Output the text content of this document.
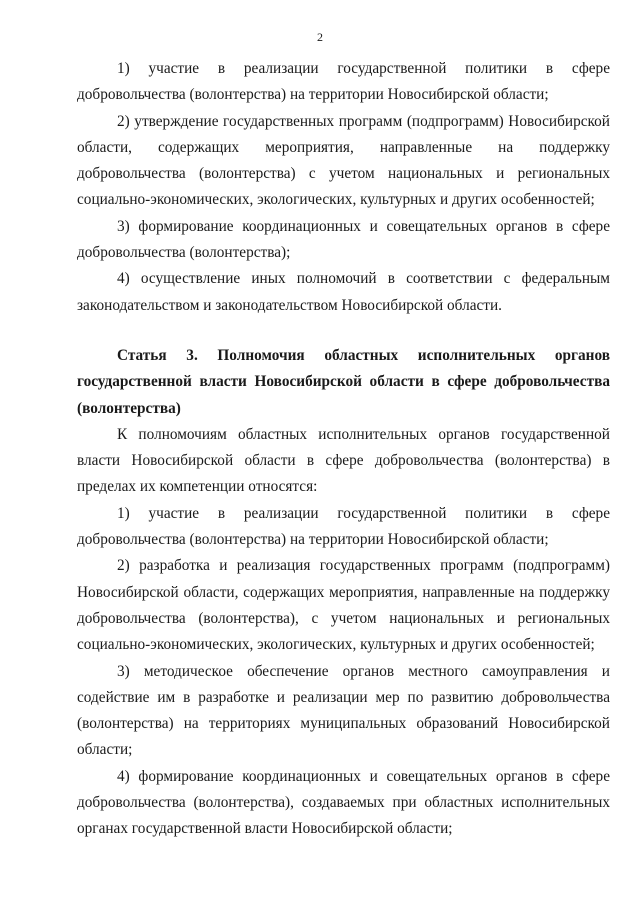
2

1) участие в реализации государственной политики в сфере добровольчества (волонтерства) на территории Новосибирской области;

2) утверждение государственных программ (подпрограмм) Новосибирской области, содержащих мероприятия, направленные на поддержку добровольчества (волонтерства) с учетом национальных и региональных социально-экономических, экологических, культурных и других особенностей;

3) формирование координационных и совещательных органов в сфере добровольчества (волонтерства);

4) осуществление иных полномочий в соответствии с федеральным законодательством и законодательством Новосибирской области.

Статья 3. Полномочия областных исполнительных органов государственной власти Новосибирской области в сфере добровольчества (волонтерства)

К полномочиям областных исполнительных органов государственной власти Новосибирской области в сфере добровольчества (волонтерства) в пределах их компетенции относятся:

1) участие в реализации государственной политики в сфере добровольчества (волонтерства) на территории Новосибирской области;

2) разработка и реализация государственных программ (подпрограмм) Новосибирской области, содержащих мероприятия, направленные на поддержку добровольчества (волонтерства), с учетом национальных и региональных социально-экономических, экологических, культурных и других особенностей;

3) методическое обеспечение органов местного самоуправления и содействие им в разработке и реализации мер по развитию добровольчества (волонтерства) на территориях муниципальных образований Новосибирской области;

4) формирование координационных и совещательных органов в сфере добровольчества (волонтерства), создаваемых при областных исполнительных органах государственной власти Новосибирской области;
